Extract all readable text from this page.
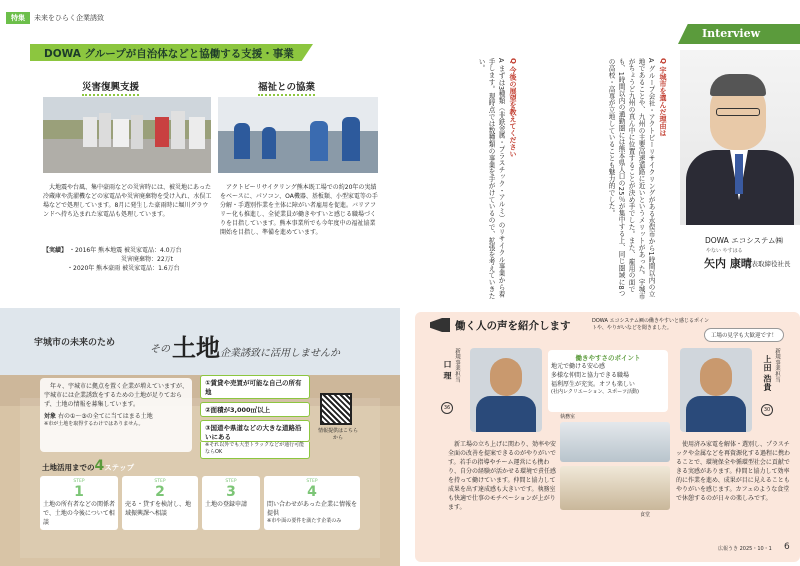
特集	未来をひらく企業誘致
DOWA グループが自治体などと協働する支援・事業
災害復興支援
大地震や台風、集中豪雨などの災害時には、被災地にあった冷蔵庫や洗濯機などの家電品や災害廃棄物を受け入れ、水俣工場などで処理しています。8月に発生した豪雨時に堀川グラウンドへ持ち込まれた家電品も処理しています。
【実績】 ・2016年 熊本地震 被災家電品：4.0万台
災害廃棄物：22万t
・2020年 熊本豪雨 被災家電品：1.6万台
福祉との協業
アクトビーリサイクリング熊本既工場での約20年の実績をベースに、パソコン、OA機器、基板類、小型家電等の手分解・手選別作業を主体に障がい者雇用を促進。バリアフリー化も推進し、全従業員が働きやすいと感じる職場づくりを目指しています。熊本事業所でも今年度中の福祉協業開始を目指し、準備を進めています。
Interview
Q 宇城市を選んだ理由は
A グループ会社・アクトビーリサイクリングがある水俣市から1時間以内の立地であることや、九州の主要高速道路に近いというメリットがあった。宇城市がちょうど九州の真ん中に位置することが決め手でした。また、雇用の面でも、1時間以内の通勤圏には熊本県人口の25％が集中する上、同じ圏域に8つの高校・高専が立地していることも魅力的でした。
Q 今後の展望を教えてください
A まずは3種類（非鉄金属・プラスチック・アルミ）のリサイクル事業から着手します。現時点では数種類の事業を手がけているので、拡張を考えていきたい。
DOWA エコシステム㈱
やない やすはる
矢内 康晴
代表取締役社長
宇城市の未来のため
その 土地 企業誘致に活用しませんか
年々、宇城市に拠点を置く企業が増えていますが、宇城市には企業誘致をするための土地が足りておらず、土地の情報を募集しています。
対象 右の①～③の全てに当てはまる土地
※市が土地を取得するわけではありません。
①賃貸や売買が可能な自己の所有地
②面積が3,000㎡以上
③国道や県道などの大きな道路沿いにある
※それ以外でも大型トラックなどが通行可能ならOK
情報提供はこちらから
土地活用までの4ステップ
STEP
1
土地の所有者などの関係者で、土地の今後について相談
STEP
2
売る・貸すを検討し、地域振興課へ相談
STEP
3
土地の登録申請
STEP
4
問い合わせがあった企業に情報を提供
※市や面の要件を満たす企業のみ
働く人の声を紹介します	DOWA エコシステム㈱の働きやすいと感じるポイントや、やりがいなどを聞きました。
工場の見学も大歓迎です！
新規事業担当
口 理
36
働きやすさのポイント
地元で働ける安心感
多様な仲間と協力できる職場
福利厚生が充実。オフも楽しい
(社内レクリエーション、スポーツ活動)
新規事業担当
上田 浩貴
30
執務室
食堂
新工場の立ち上げに関わり、効率や安全面の改善を提案できるのがやりがいです。若手の指導やチーム運営にも携わり、自分の経験が活かせる環境で責任感を持って働けています。仲間と協力して成果を出す達成感も大きいです。執務室も快適で仕事のモチベーションが上がります。
使用済み家電を解体・選別し、プラスチックや金属などを再資源化する過程に携わることで、環境保全や循環型社会に貢献できる実感があります。仲間と協力して効率的に作業を進め、成果が目に見えることもやりがいを感じます。カフェのような食堂で休憩するのが日々の楽しみです。
広報うき 2025・10・1 6
